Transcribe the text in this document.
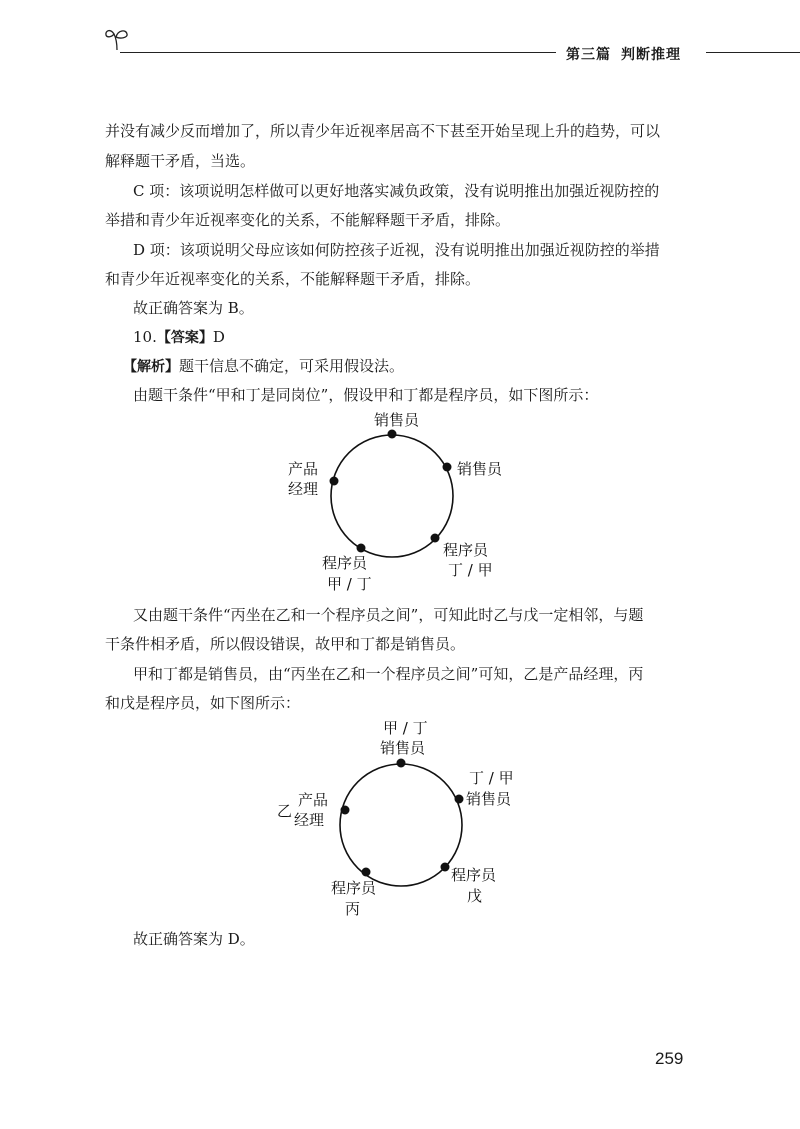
第三篇 判断推理

并没有减少反而增加了，所以青少年近视率居高不下甚至开始呈现上升的趋势，可以

解释题干矛盾，当选。

C 项：该项说明怎样做可以更好地落实减负政策，没有说明推出加强近视防控的

举措和青少年近视率变化的关系，不能解释题干矛盾，排除。

D 项：该项说明父母应该如何防控孩子近视，没有说明推出加强近视防控的举措

和青少年近视率变化的关系，不能解释题干矛盾，排除。

故正确答案为 B。

10.【答案】D

【解析】题干信息不确定，可采用假设法。

由题干条件“甲和丁是同岗位”，假设甲和丁都是程序员，如下图所示：

销售员
销售员
产品
经理
程序员
丁 / 甲
程序员
甲 / 丁

又由题干条件“丙坐在乙和一个程序员之间”，可知此时乙与戊一定相邻，与题

干条件相矛盾，所以假设错误，故甲和丁都是销售员。

甲和丁都是销售员，由“丙坐在乙和一个程序员之间”可知，乙是产品经理，丙

和戊是程序员，如下图所示：

甲 / 丁
销售员
丁 / 甲
销售员
乙
产品
经理
程序员
戊
程序员
丙

故正确答案为 D。

259
